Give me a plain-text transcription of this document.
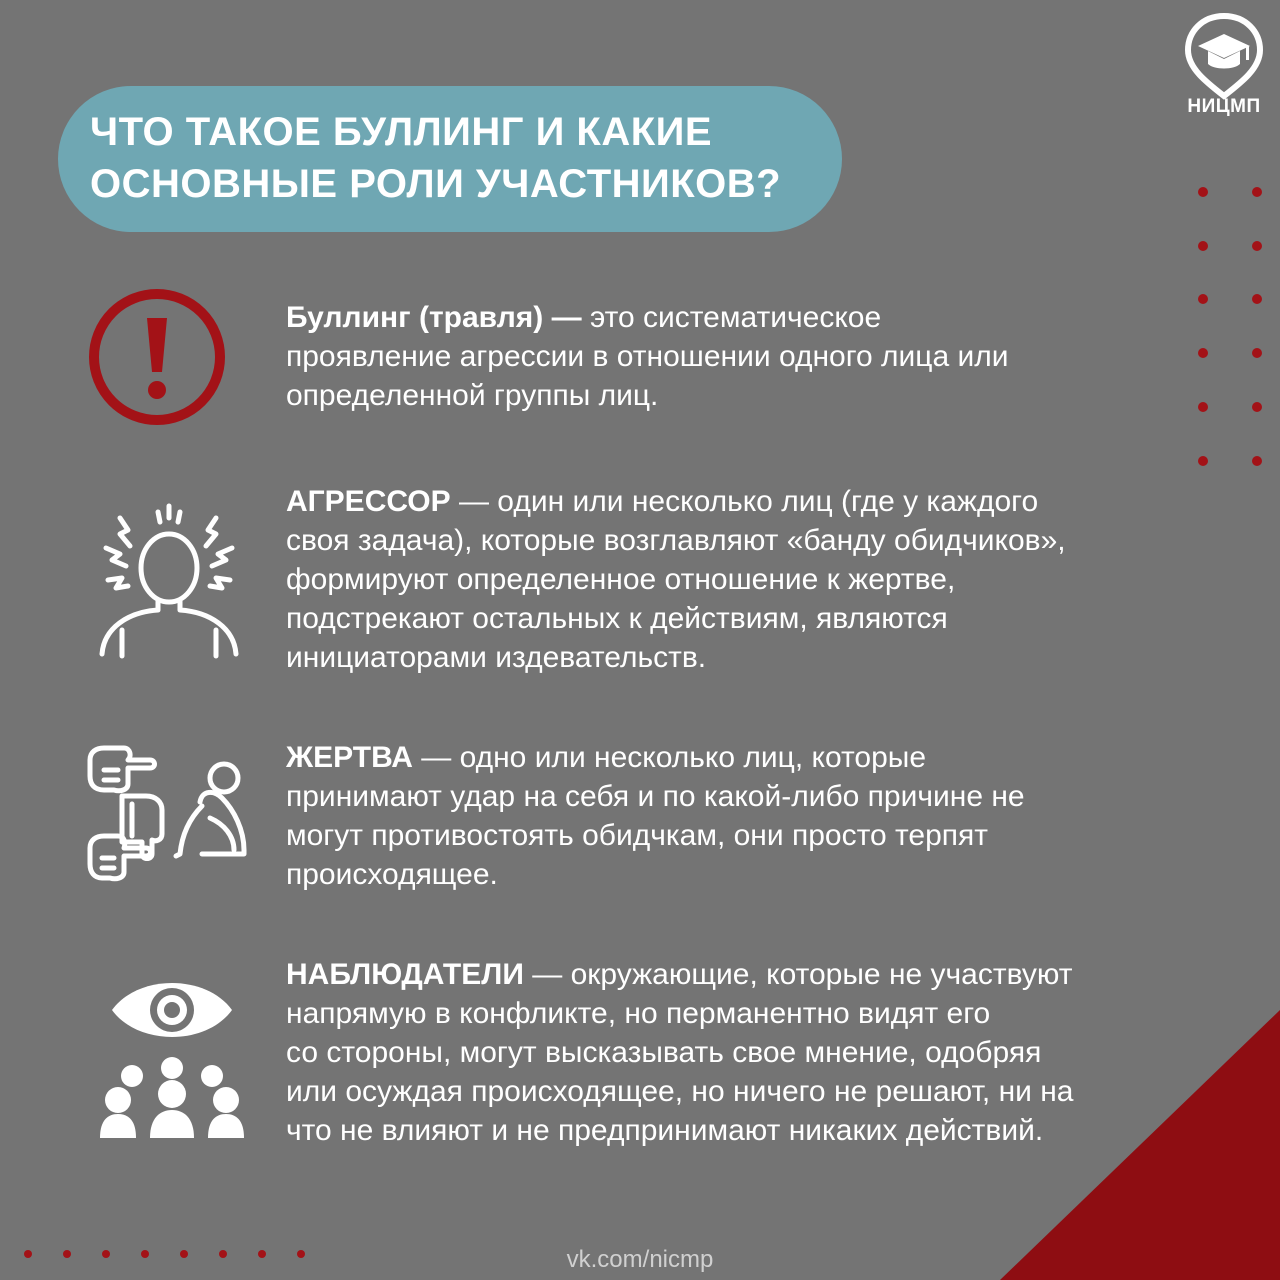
НИЦМП
ЧТО ТАКОЕ БУЛЛИНГ И КАКИЕ
ОСНОВНЫЕ РОЛИ УЧАСТНИКОВ?
Буллинг (травля) — это систематическое
проявление агрессии в отношении одного лица или
определенной группы лиц.
АГРЕССОР — один или несколько лиц (где у каждого
своя задача), которые возглавляют «банду обидчиков»,
формируют определенное отношение к жертве,
подстрекают остальных к действиям, являются
инициаторами издевательств.
ЖЕРТВА — одно или несколько лиц, которые
принимают удар на себя и по какой-либо причине не
могут противостоять обидчкам, они просто терпят
происходящее.
НАБЛЮДАТЕЛИ — окружающие, которые не участвуют
напрямую в конфликте, но перманентно видят его
со стороны, могут высказывать свое мнение, одобряя
или осуждая происходящее, но ничего не решают, ни на
что не влияют и не предпринимают никаких действий.
vk.com/nicmp
